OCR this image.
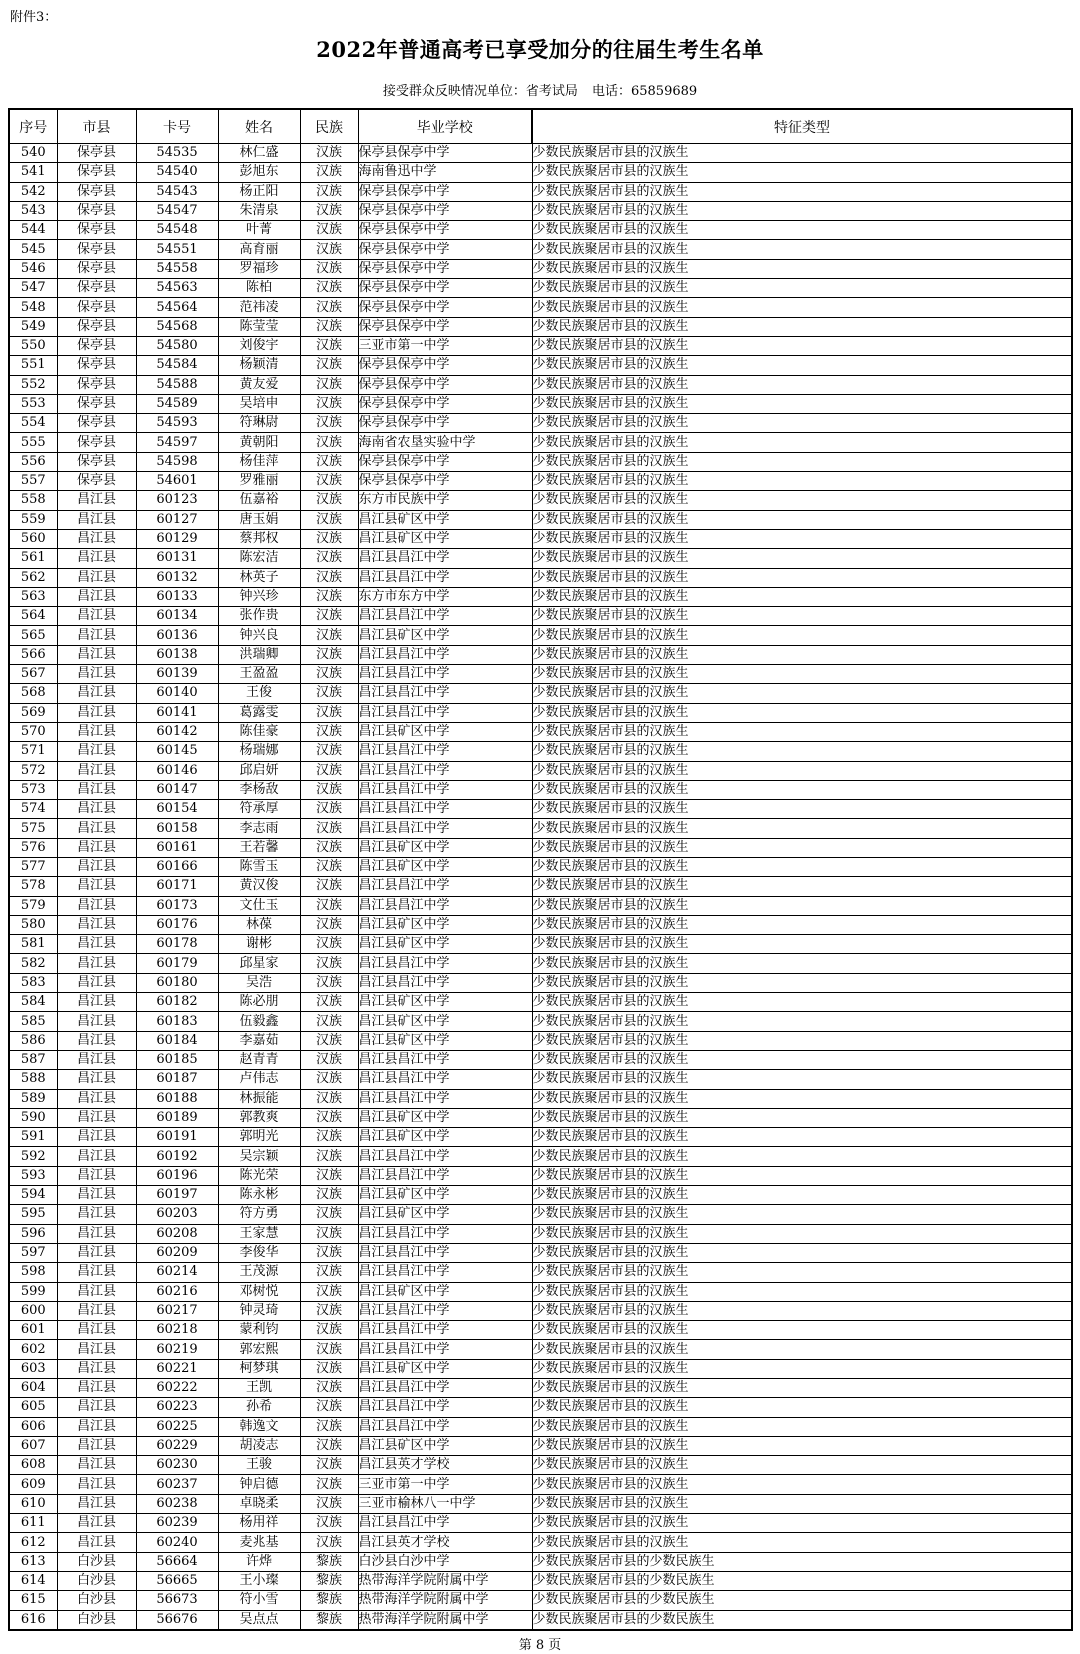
附件3：
2022年普通高考已享受加分的往届生考生名单
接受群众反映情况单位：省考试局 电话：65859689
序号	市县	卡号	姓名	民族	毕业学校	特征类型
540	保亭县	54535	林仁盛	汉族	保亭县保亭中学	少数民族聚居市县的汉族生
541	保亭县	54540	彭旭东	汉族	海南鲁迅中学	少数民族聚居市县的汉族生
542	保亭县	54543	杨正阳	汉族	保亭县保亭中学	少数民族聚居市县的汉族生
543	保亭县	54547	朱清泉	汉族	保亭县保亭中学	少数民族聚居市县的汉族生
544	保亭县	54548	叶菁	汉族	保亭县保亭中学	少数民族聚居市县的汉族生
545	保亭县	54551	高育丽	汉族	保亭县保亭中学	少数民族聚居市县的汉族生
546	保亭县	54558	罗福珍	汉族	保亭县保亭中学	少数民族聚居市县的汉族生
547	保亭县	54563	陈柏	汉族	保亭县保亭中学	少数民族聚居市县的汉族生
548	保亭县	54564	范祎凌	汉族	保亭县保亭中学	少数民族聚居市县的汉族生
549	保亭县	54568	陈莹莹	汉族	保亭县保亭中学	少数民族聚居市县的汉族生
550	保亭县	54580	刘俊宇	汉族	三亚市第一中学	少数民族聚居市县的汉族生
551	保亭县	54584	杨颖清	汉族	保亭县保亭中学	少数民族聚居市县的汉族生
552	保亭县	54588	黄友爱	汉族	保亭县保亭中学	少数民族聚居市县的汉族生
553	保亭县	54589	吴培申	汉族	保亭县保亭中学	少数民族聚居市县的汉族生
554	保亭县	54593	符琳尉	汉族	保亭县保亭中学	少数民族聚居市县的汉族生
555	保亭县	54597	黄朝阳	汉族	海南省农垦实验中学	少数民族聚居市县的汉族生
556	保亭县	54598	杨佳萍	汉族	保亭县保亭中学	少数民族聚居市县的汉族生
557	保亭县	54601	罗雅丽	汉族	保亭县保亭中学	少数民族聚居市县的汉族生
558	昌江县	60123	伍嘉裕	汉族	东方市民族中学	少数民族聚居市县的汉族生
559	昌江县	60127	唐玉娟	汉族	昌江县矿区中学	少数民族聚居市县的汉族生
560	昌江县	60129	蔡邦权	汉族	昌江县矿区中学	少数民族聚居市县的汉族生
561	昌江县	60131	陈宏洁	汉族	昌江县昌江中学	少数民族聚居市县的汉族生
562	昌江县	60132	林英子	汉族	昌江县昌江中学	少数民族聚居市县的汉族生
563	昌江县	60133	钟兴珍	汉族	东方市东方中学	少数民族聚居市县的汉族生
564	昌江县	60134	张作贵	汉族	昌江县昌江中学	少数民族聚居市县的汉族生
565	昌江县	60136	钟兴良	汉族	昌江县矿区中学	少数民族聚居市县的汉族生
566	昌江县	60138	洪瑞卿	汉族	昌江县昌江中学	少数民族聚居市县的汉族生
567	昌江县	60139	王盈盈	汉族	昌江县昌江中学	少数民族聚居市县的汉族生
568	昌江县	60140	王俊	汉族	昌江县昌江中学	少数民族聚居市县的汉族生
569	昌江县	60141	葛露雯	汉族	昌江县昌江中学	少数民族聚居市县的汉族生
570	昌江县	60142	陈佳豪	汉族	昌江县矿区中学	少数民族聚居市县的汉族生
571	昌江县	60145	杨瑞娜	汉族	昌江县昌江中学	少数民族聚居市县的汉族生
572	昌江县	60146	邱启妍	汉族	昌江县昌江中学	少数民族聚居市县的汉族生
573	昌江县	60147	李杨敌	汉族	昌江县昌江中学	少数民族聚居市县的汉族生
574	昌江县	60154	符承厚	汉族	昌江县昌江中学	少数民族聚居市县的汉族生
575	昌江县	60158	李志雨	汉族	昌江县昌江中学	少数民族聚居市县的汉族生
576	昌江县	60161	王若馨	汉族	昌江县矿区中学	少数民族聚居市县的汉族生
577	昌江县	60166	陈雪玉	汉族	昌江县矿区中学	少数民族聚居市县的汉族生
578	昌江县	60171	黄汉俊	汉族	昌江县昌江中学	少数民族聚居市县的汉族生
579	昌江县	60173	文仕玉	汉族	昌江县昌江中学	少数民族聚居市县的汉族生
580	昌江县	60176	林葆	汉族	昌江县矿区中学	少数民族聚居市县的汉族生
581	昌江县	60178	谢彬	汉族	昌江县矿区中学	少数民族聚居市县的汉族生
582	昌江县	60179	邱星家	汉族	昌江县昌江中学	少数民族聚居市县的汉族生
583	昌江县	60180	吴浩	汉族	昌江县昌江中学	少数民族聚居市县的汉族生
584	昌江县	60182	陈必朋	汉族	昌江县矿区中学	少数民族聚居市县的汉族生
585	昌江县	60183	伍毅鑫	汉族	昌江县矿区中学	少数民族聚居市县的汉族生
586	昌江县	60184	李嘉茹	汉族	昌江县矿区中学	少数民族聚居市县的汉族生
587	昌江县	60185	赵青青	汉族	昌江县昌江中学	少数民族聚居市县的汉族生
588	昌江县	60187	卢伟志	汉族	昌江县昌江中学	少数民族聚居市县的汉族生
589	昌江县	60188	林振能	汉族	昌江县昌江中学	少数民族聚居市县的汉族生
590	昌江县	60189	郭教爽	汉族	昌江县矿区中学	少数民族聚居市县的汉族生
591	昌江县	60191	郭明光	汉族	昌江县矿区中学	少数民族聚居市县的汉族生
592	昌江县	60192	吴宗颖	汉族	昌江县昌江中学	少数民族聚居市县的汉族生
593	昌江县	60196	陈光荣	汉族	昌江县昌江中学	少数民族聚居市县的汉族生
594	昌江县	60197	陈永彬	汉族	昌江县矿区中学	少数民族聚居市县的汉族生
595	昌江县	60203	符方勇	汉族	昌江县矿区中学	少数民族聚居市县的汉族生
596	昌江县	60208	王家慧	汉族	昌江县昌江中学	少数民族聚居市县的汉族生
597	昌江县	60209	李俊华	汉族	昌江县昌江中学	少数民族聚居市县的汉族生
598	昌江县	60214	王茂源	汉族	昌江县昌江中学	少数民族聚居市县的汉族生
599	昌江县	60216	邓树悦	汉族	昌江县矿区中学	少数民族聚居市县的汉族生
600	昌江县	60217	钟灵琦	汉族	昌江县昌江中学	少数民族聚居市县的汉族生
601	昌江县	60218	蒙利钧	汉族	昌江县昌江中学	少数民族聚居市县的汉族生
602	昌江县	60219	郭宏熙	汉族	昌江县昌江中学	少数民族聚居市县的汉族生
603	昌江县	60221	柯梦琪	汉族	昌江县矿区中学	少数民族聚居市县的汉族生
604	昌江县	60222	王凯	汉族	昌江县昌江中学	少数民族聚居市县的汉族生
605	昌江县	60223	孙希	汉族	昌江县昌江中学	少数民族聚居市县的汉族生
606	昌江县	60225	韩逸文	汉族	昌江县昌江中学	少数民族聚居市县的汉族生
607	昌江县	60229	胡凌志	汉族	昌江县矿区中学	少数民族聚居市县的汉族生
608	昌江县	60230	王骏	汉族	昌江县英才学校	少数民族聚居市县的汉族生
609	昌江县	60237	钟启德	汉族	三亚市第一中学	少数民族聚居市县的汉族生
610	昌江县	60238	卓晓柔	汉族	三亚市榆林八一中学	少数民族聚居市县的汉族生
611	昌江县	60239	杨用祥	汉族	昌江县昌江中学	少数民族聚居市县的汉族生
612	昌江县	60240	麦兆基	汉族	昌江县英才学校	少数民族聚居市县的汉族生
613	白沙县	56664	许烨	黎族	白沙县白沙中学	少数民族聚居市县的少数民族生
614	白沙县	56665	王小璨	黎族	热带海洋学院附属中学	少数民族聚居市县的少数民族生
615	白沙县	56673	符小雪	黎族	热带海洋学院附属中学	少数民族聚居市县的少数民族生
616	白沙县	56676	吴点点	黎族	热带海洋学院附属中学	少数民族聚居市县的少数民族生
第 8 页
